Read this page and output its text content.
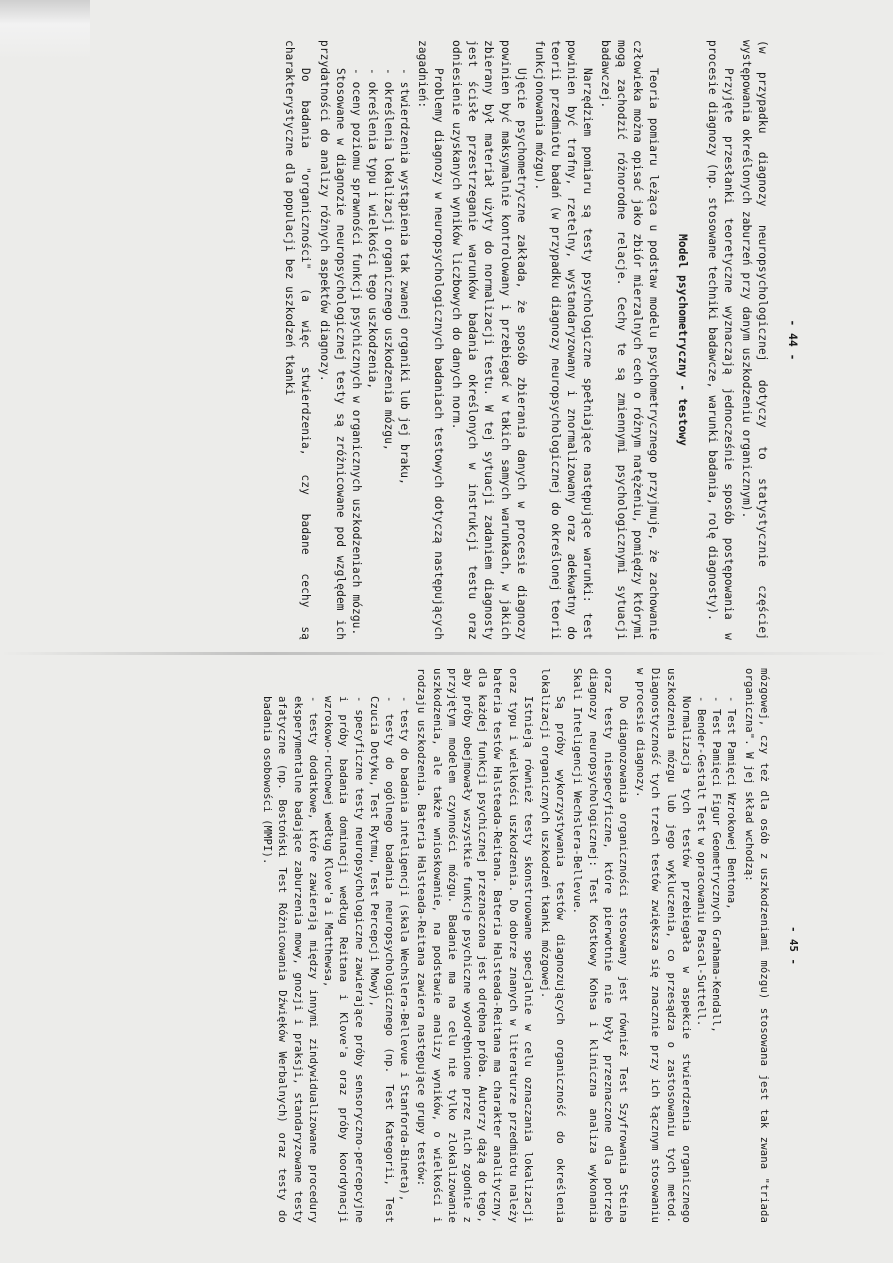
- 44 -

(w przypadku diagnozy neuropsychologicznej dotyczy to statystycznie częściej występowania określonych zaburzeń przy danym uszkodzeniu organicznym).

Przyjęte przesłanki teoretyczne wyznaczają jednocześnie sposób postępowania w procesie diagnozy (np. stosowane techniki badawcze, warunki badania, rolę diagnosty).

Model psychometryczny - testowy

Teoria pomiaru leżąca u podstaw modelu psychometrycznego przyjmuje, że zachowanie człowieka można opisać jako zbiór mierzalnych cech o różnym natężeniu, pomiędzy którymi mogą zachodzić różnorodne relacje. Cechy te są zmiennymi psychologicznymi sytuacji badawczej.

Narzędziem pomiaru są testy psychologiczne spełniające następujące warunki: test powinien być trafny, rzetelny, wystandaryzowany i znormalizowany oraz adekwatny do teorii przedmiotu badań (w przypadku diagnozy neuropsychologicznej do określonej teorii funkcjonowania mózgu).

Ujęcie psychometryczne zakłada, że sposób zbierania danych w procesie diagnozy powinien być maksymalnie kontrolowany i przebiegać w takich samych warunkach, w jakich zbierany był materiał użyty do normalizacji testu. W tej sytuacji zadaniem diagnosty jest ścisłe przestrzeganie warunków badania określonych w instrukcji testu oraz odniesienie uzyskanych wyników liczbowych do danych norm.

Problemy diagnozy w neuropsychologicznych badaniach testowych dotyczą następujących zagadnień:

- stwierdzenia wystąpienia tak zwanej organiki lub jej braku,
- określenia lokalizacji organicznego uszkodzenia mózgu,
- określenia typu i wielkości tego uszkodzenia,
- oceny poziomu sprawności funkcji psychicznych w organicznych uszkodzeniach mózgu.

Stosowane w diagnozie neuropsychologicznej testy są zróżnicowane pod względem ich przydatności do analizy różnych aspektów diagnozy.

Do badania "organiczności" (a więc stwierdzenia, czy badane cechy są charakterystyczne dla populacji bez uszkodzeń tkanki

- 45 -

mózgowej, czy też dla osób z uszkodzeniami mózgu) stosowana jest tak zwana "triada organiczna". W jej skład wchodzą:

- Test Pamięci Wzrokowej Bentona,
- Test Pamięci Figur Geometrycznych Grahama-Kendall,
- Bender-Gestalt Test w opracowaniu Pascal-Suttell.

Normalizacja tych testów przebiegała w aspekcie stwierdzenia organicznego uszkodzenia mózgu lub jego wykluczenia, co przesądza o zastosowaniu tych metod. Diagnostyczność tych trzech testów zwiększa się znacznie przy ich łącznym stosowaniu w procesie diagnozy.

Do diagnozowania organiczności stosowany jest również Test Szyfrowania Steina oraz testy niespecyficzne, które pierwotnie nie były przeznaczone dla potrzeb diagnozy neuropsychologicznej: Test Kostkowy Kohsa i kliniczna analiza wykonania Skali Inteligencji Wechslera-Bellevue.

Są próby wykorzystywania testów diagnozujących organiczność do określenia lokalizacji organicznych uszkodzeń tkanki mózgowej.

Istnieją również testy skonstruowane specjalnie w celu oznaczania lokalizacji oraz typu i wielkości uszkodzenia. Do dobrze znanych w literaturze przedmiotu należy bateria testów Halsteada-Reitana. Bateria Halsteada-Reitana ma charakter analityczny, dla każdej funkcji psychicznej przeznaczona jest odrębna próba. Autorzy dążą do tego, aby próby obejmowały wszystkie funkcje psychiczne wyodrębnione przez nich zgodnie z przyjętym modelem czynności mózgu. Badanie ma na celu nie tylko zlokalizowanie uszkodzenia, ale także wnioskowanie, na podstawie analizy wyników, o wielkości i rodzaju uszkodzenia. Bateria Halsteada-Reitana zawiera następujące grupy testów:

- testy do badania inteligencji (skala Wechslera-Bellevue i Stanforda-Bineta),
- testy do ogólnego badania neuropsychologicznego (np. Test Kategorii, Test Czucia Dotyku, Test Rytmu, Test Percepcji Mowy),
- specyficzne testy neuropsychologiczne zawierające próby sensoryczno-percepcyjne i próby badania dominacji według Reitana i Klove'a oraz próby koordynacji wzrokowo-ruchowej według Klove'a i Matthewsa,
- testy dodatkowe, które zawierają między innymi zindywidualizowane procedury eksperymentalne badające zaburzenia mowy, gnozji i praksji, standaryzowane testy afatyczne (np. Bostoński Test Różnicowania Dźwięków Werbalnych) oraz testy do badania osobowości (MMPI).
